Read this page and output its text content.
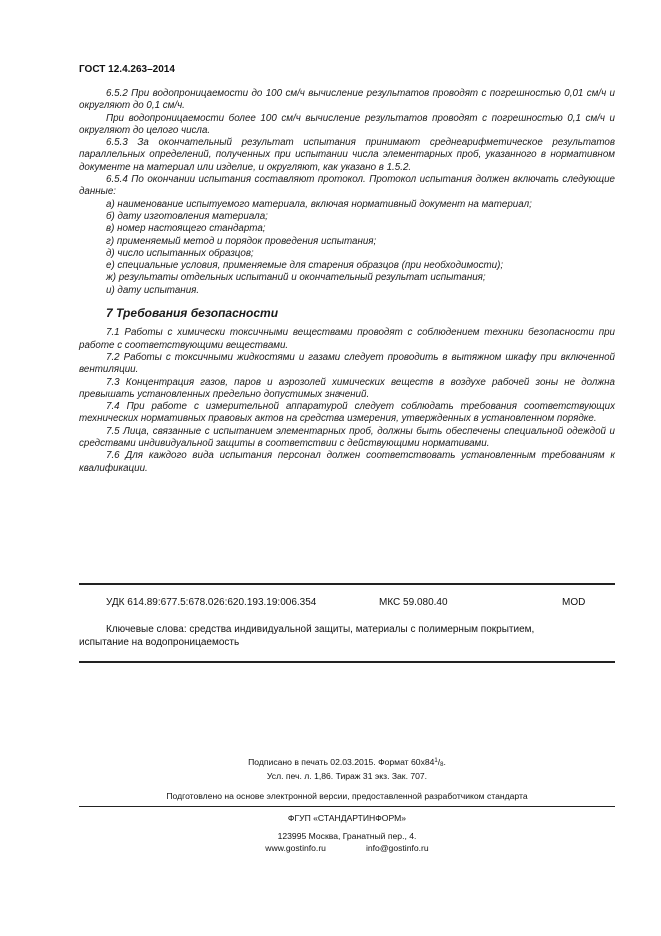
ГОСТ 12.4.263–2014

6.5.2 При водопроницаемости до 100 см/ч вычисление результатов проводят с погрешностью 0,01 см/ч и округляют до 0,1 см/ч.

При водопроницаемости более 100 см/ч вычисление результатов проводят с погрешностью 0,1 см/ч и округляют до целого числа.

6.5.3 За окончательный результат испытания принимают среднеарифметическое результатов параллельных определений, полученных при испытании числа элементарных проб, указанного в нормативном документе на материал или изделие, и округляют, как указано в 1.5.2.

6.5.4 По окончании испытания составляют протокол. Протокол испытания должен включать следующие данные:

а) наименование испытуемого материала, включая нормативный документ на материал;
б) дату изготовления материала;
в) номер настоящего стандарта;
г) применяемый метод и порядок проведения испытания;
д) число испытанных образцов;
е) специальные условия, применяемые для старения образцов (при необходимости);
ж) результаты отдельных испытаний и окончательный результат испытания;
и) дату испытания.
7 Требования безопасности

7.1 Работы с химически токсичными веществами проводят с соблюдением техники безопасности при работе с соответствующими веществами.

7.2 Работы с токсичными жидкостями и газами следует проводить в вытяжном шкафу при включенной вентиляции.

7.3 Концентрация газов, паров и аэрозолей химических веществ в воздухе рабочей зоны не должна превышать установленных предельно допустимых значений.

7.4 При работе с измерительной аппаратурой следует соблюдать требования соответствующих технических нормативных правовых актов на средства измерения, утвержденных в установленном порядке.

7.5 Лица, связанные с испытанием элементарных проб, должны быть обеспечены специальной одеждой и средствами индивидуальной защиты в соответствии с действующими нормативами.

7.6 Для каждого вида испытания персонал должен соответствовать установленным требованиям к квалификации.

УДК 614.89:677.5:678.026:620.193.19:006.354	МКС 59.080.40	MOD
Ключевые слова: средства индивидуальной защиты, материалы с полимерным покрытием,
испытание на водопроницаемость
Подписано в печать 02.03.2015. Формат $60x84^1/_8$.
Усл. печ. л. 1,86. Тираж 31 экз. Зак. 707.
Подготовлено на основе электронной версии, предоставленной разработчиком стандарта
ФГУП «СТАНДАРТИНФОРМ»
123995 Москва, Гранатный пер., 4.
www.gostinfo.ru	info@gostinfo.ru
